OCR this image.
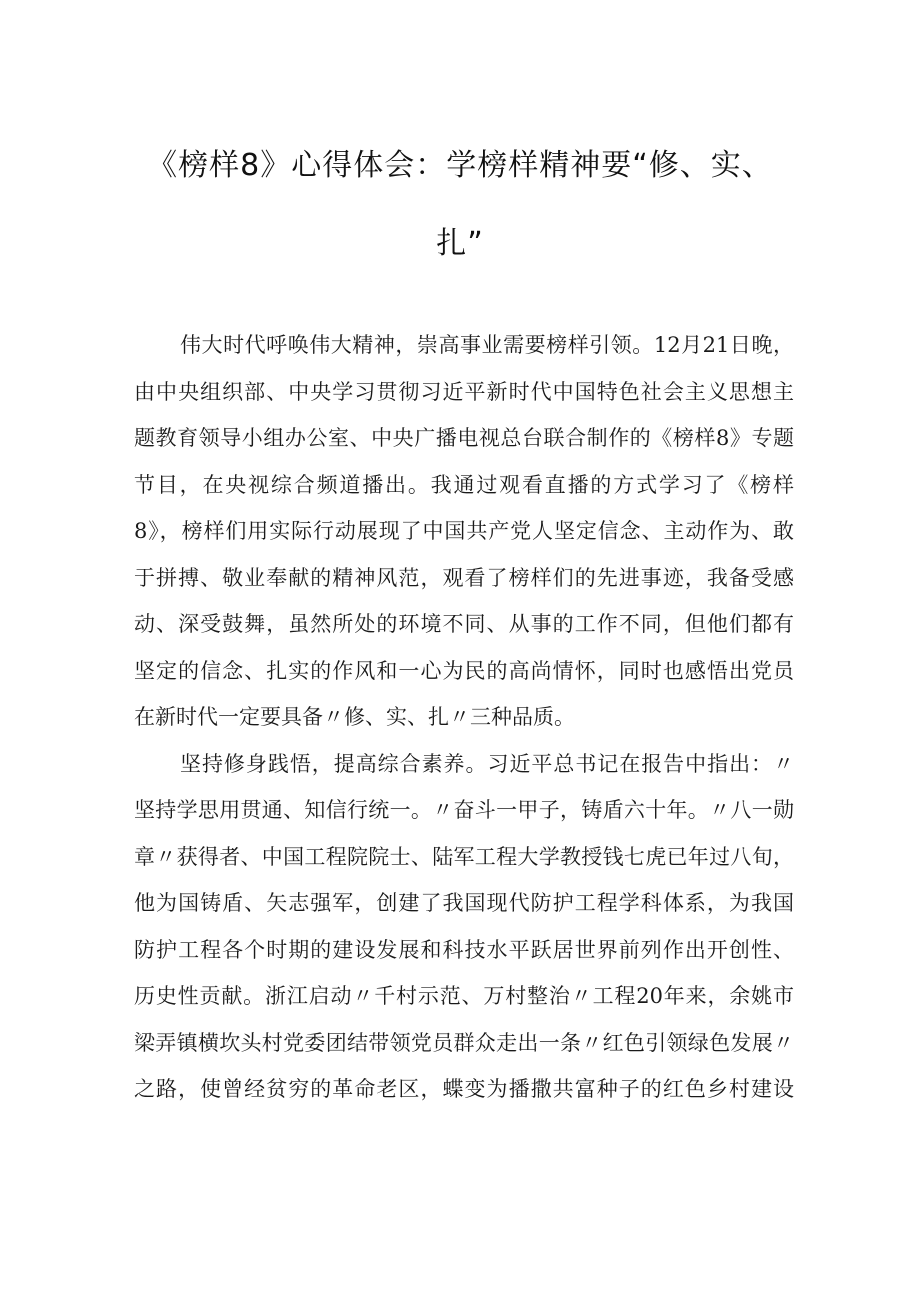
《榜样8》心得体会：学榜样精神要“修、实、
扎”

伟大时代呼唤伟大精神，崇高事业需要榜样引领。12月21日晚，

由中央组织部、中央学习贯彻习近平新时代中国特色社会主义思想主

题教育领导小组办公室、中央广播电视总台联合制作的《榜样8》专题

节目，在央视综合频道播出。我通过观看直播的方式学习了《榜样

8》，榜样们用实际行动展现了中国共产党人坚定信念、主动作为、敢

于拼搏、敬业奉献的精神风范，观看了榜样们的先进事迹，我备受感

动、深受鼓舞，虽然所处的环境不同、从事的工作不同，但他们都有

坚定的信念、扎实的作风和一心为民的高尚情怀，同时也感悟出党员

在新时代一定要具备〃修、实、扎〃三种品质。

坚持修身践悟，提高综合素养。习近平总书记在报告中指出：〃

坚持学思用贯通、知信行统一。〃奋斗一甲子，铸盾六十年。〃八一勋

章〃获得者、中国工程院院士、陆军工程大学教授钱七虎已年过八旬，

他为国铸盾、矢志强军，创建了我国现代防护工程学科体系，为我国

防护工程各个时期的建设发展和科技水平跃居世界前列作出开创性、

历史性贡献。浙江启动〃千村示范、万村整治〃工程20年来，余姚市

梁弄镇横坎头村党委团结带领党员群众走出一条〃红色引领绿色发展〃

之路，使曾经贫穷的革命老区，蝶变为播撒共富种子的红色乡村建设
